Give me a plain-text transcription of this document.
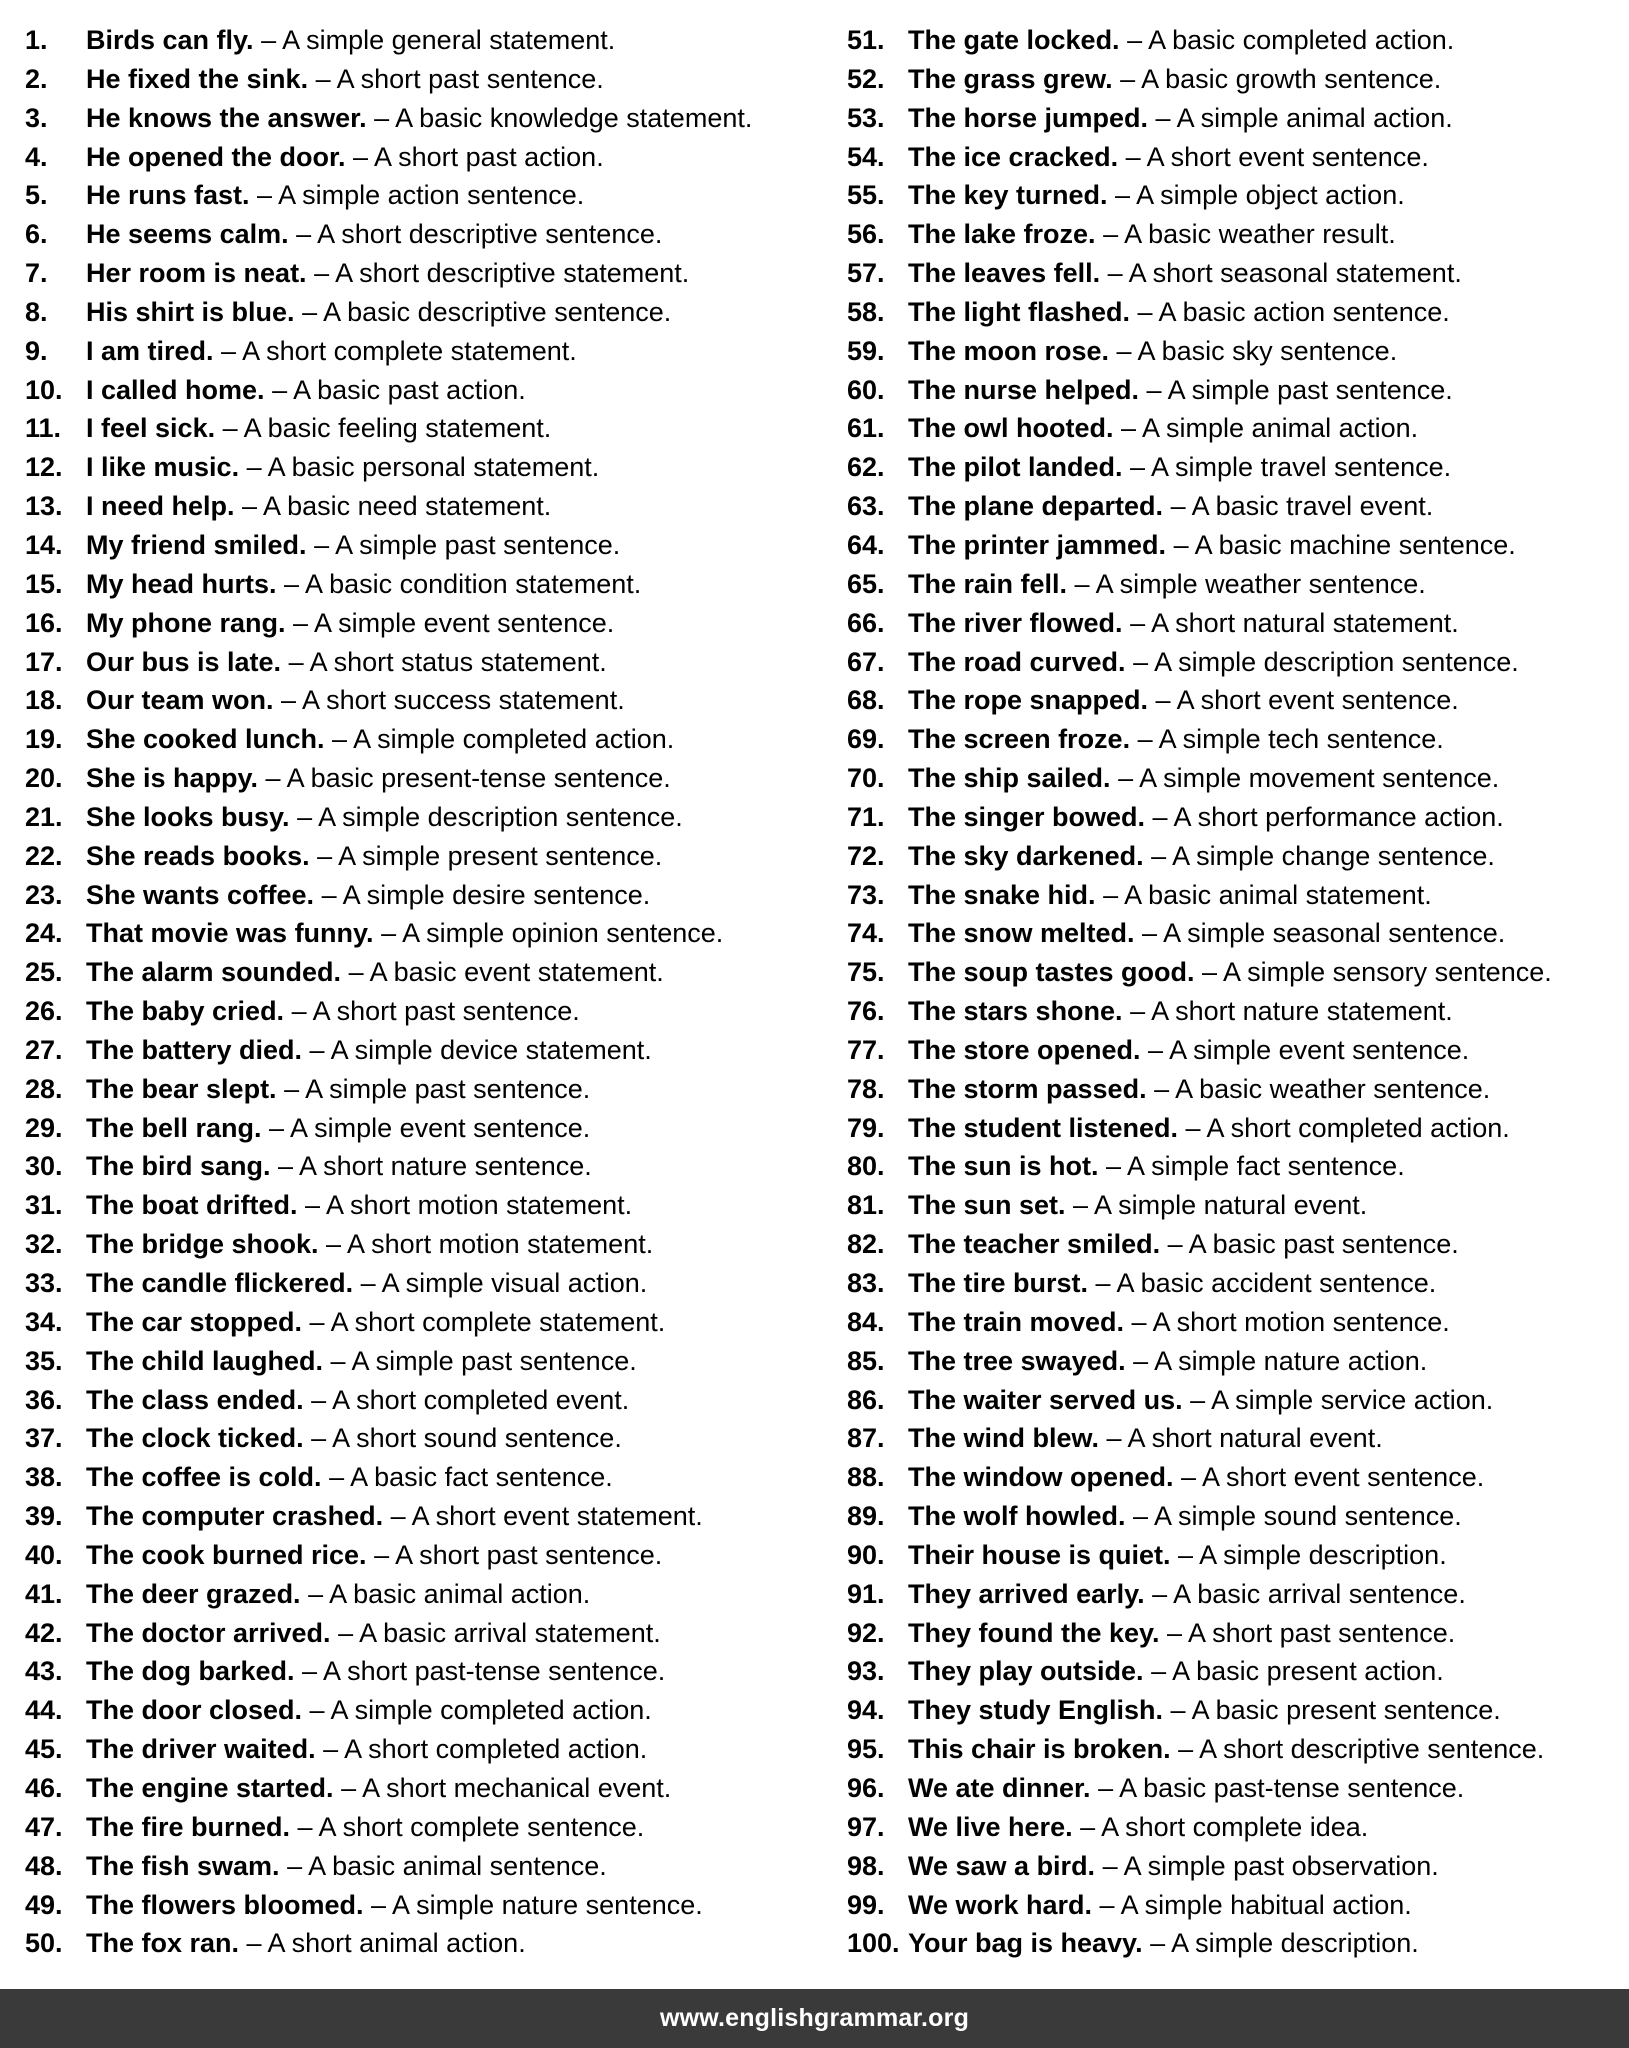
1. Birds can fly. – A simple general statement.
2. He fixed the sink. – A short past sentence.
3. He knows the answer. – A basic knowledge statement.
4. He opened the door. – A short past action.
5. He runs fast. – A simple action sentence.
6. He seems calm. – A short descriptive sentence.
7. Her room is neat. – A short descriptive statement.
8. His shirt is blue. – A basic descriptive sentence.
9. I am tired. – A short complete statement.
10. I called home. – A basic past action.
11. I feel sick. – A basic feeling statement.
12. I like music. – A basic personal statement.
13. I need help. – A basic need statement.
14. My friend smiled. – A simple past sentence.
15. My head hurts. – A basic condition statement.
16. My phone rang. – A simple event sentence.
17. Our bus is late. – A short status statement.
18. Our team won. – A short success statement.
19. She cooked lunch. – A simple completed action.
20. She is happy. – A basic present-tense sentence.
21. She looks busy. – A simple description sentence.
22. She reads books. – A simple present sentence.
23. She wants coffee. – A simple desire sentence.
24. That movie was funny. – A simple opinion sentence.
25. The alarm sounded. – A basic event statement.
26. The baby cried. – A short past sentence.
27. The battery died. – A simple device statement.
28. The bear slept. – A simple past sentence.
29. The bell rang. – A simple event sentence.
30. The bird sang. – A short nature sentence.
31. The boat drifted. – A short motion statement.
32. The bridge shook. – A short motion statement.
33. The candle flickered. – A simple visual action.
34. The car stopped. – A short complete statement.
35. The child laughed. – A simple past sentence.
36. The class ended. – A short completed event.
37. The clock ticked. – A short sound sentence.
38. The coffee is cold. – A basic fact sentence.
39. The computer crashed. – A short event statement.
40. The cook burned rice. – A short past sentence.
41. The deer grazed. – A basic animal action.
42. The doctor arrived. – A basic arrival statement.
43. The dog barked. – A short past-tense sentence.
44. The door closed. – A simple completed action.
45. The driver waited. – A short completed action.
46. The engine started. – A short mechanical event.
47. The fire burned. – A short complete sentence.
48. The fish swam. – A basic animal sentence.
49. The flowers bloomed. – A simple nature sentence.
50. The fox ran. – A short animal action.
51. The gate locked. – A basic completed action.
52. The grass grew. – A basic growth sentence.
53. The horse jumped. – A simple animal action.
54. The ice cracked. – A short event sentence.
55. The key turned. – A simple object action.
56. The lake froze. – A basic weather result.
57. The leaves fell. – A short seasonal statement.
58. The light flashed. – A basic action sentence.
59. The moon rose. – A basic sky sentence.
60. The nurse helped. – A simple past sentence.
61. The owl hooted. – A simple animal action.
62. The pilot landed. – A simple travel sentence.
63. The plane departed. – A basic travel event.
64. The printer jammed. – A basic machine sentence.
65. The rain fell. – A simple weather sentence.
66. The river flowed. – A short natural statement.
67. The road curved. – A simple description sentence.
68. The rope snapped. – A short event sentence.
69. The screen froze. – A simple tech sentence.
70. The ship sailed. – A simple movement sentence.
71. The singer bowed. – A short performance action.
72. The sky darkened. – A simple change sentence.
73. The snake hid. – A basic animal statement.
74. The snow melted. – A simple seasonal sentence.
75. The soup tastes good. – A simple sensory sentence.
76. The stars shone. – A short nature statement.
77. The store opened. – A simple event sentence.
78. The storm passed. – A basic weather sentence.
79. The student listened. – A short completed action.
80. The sun is hot. – A simple fact sentence.
81. The sun set. – A simple natural event.
82. The teacher smiled. – A basic past sentence.
83. The tire burst. – A basic accident sentence.
84. The train moved. – A short motion sentence.
85. The tree swayed. – A simple nature action.
86. The waiter served us. – A simple service action.
87. The wind blew. – A short natural event.
88. The window opened. – A short event sentence.
89. The wolf howled. – A simple sound sentence.
90. Their house is quiet. – A simple description.
91. They arrived early. – A basic arrival sentence.
92. They found the key. – A short past sentence.
93. They play outside. – A basic present action.
94. They study English. – A basic present sentence.
95. This chair is broken. – A short descriptive sentence.
96. We ate dinner. – A basic past-tense sentence.
97. We live here. – A short complete idea.
98. We saw a bird. – A simple past observation.
99. We work hard. – A simple habitual action.
100. Your bag is heavy. – A simple description.
www.englishgrammar.org
